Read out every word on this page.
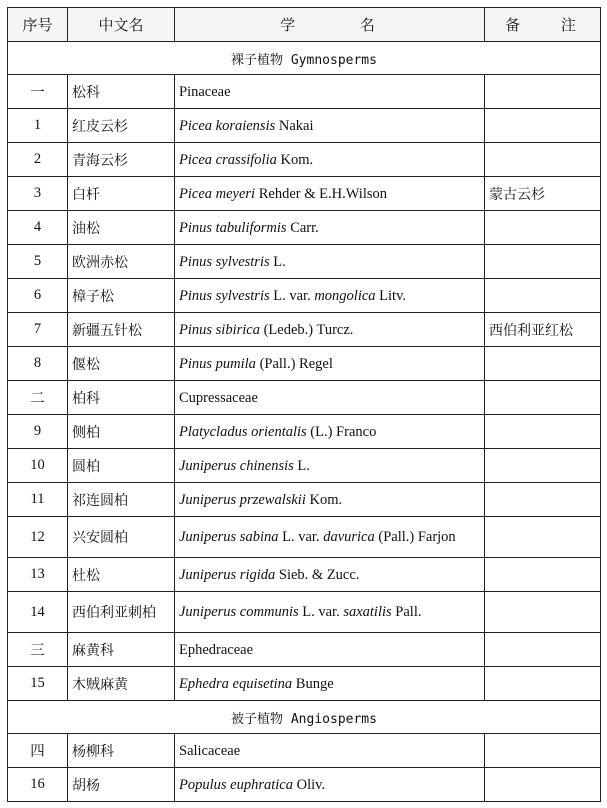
序号	中文名	学 名	备 注
裸子植物 Gymnosperms			
一	松科	Pinaceae	
1	红皮云杉	Picea koraiensis Nakai	
2	青海云杉	Picea crassifolia Kom.	
3	白杄	Picea meyeri Rehder & E.H.Wilson	蒙古云杉
4	油松	Pinus tabuliformis Carr.	
5	欧洲赤松	Pinus sylvestris L.	
6	樟子松	Pinus sylvestris L. var. mongolica Litv.	
7	新疆五针松	Pinus sibirica (Ledeb.) Turcz.	西伯利亚红松
8	偃松	Pinus pumila (Pall.) Regel	
二	柏科	Cupressaceae	
9	侧柏	Platycladus orientalis (L.) Franco	
10	圆柏	Juniperus chinensis L.	
11	祁连圆柏	Juniperus przewalskii Kom.	
12	兴安圆柏	Juniperus sabina L. var. davurica (Pall.) Farjon	
13	杜松	Juniperus rigida Sieb. & Zucc.	
14	西伯利亚刺柏	Juniperus communis L. var. saxatilis Pall.	
三	麻黄科	Ephedraceae	
15	木贼麻黄	Ephedra equisetina Bunge	
被子植物 Angiosperms			
四	杨柳科	Salicaceae	
16	胡杨	Populus euphratica Oliv.	
